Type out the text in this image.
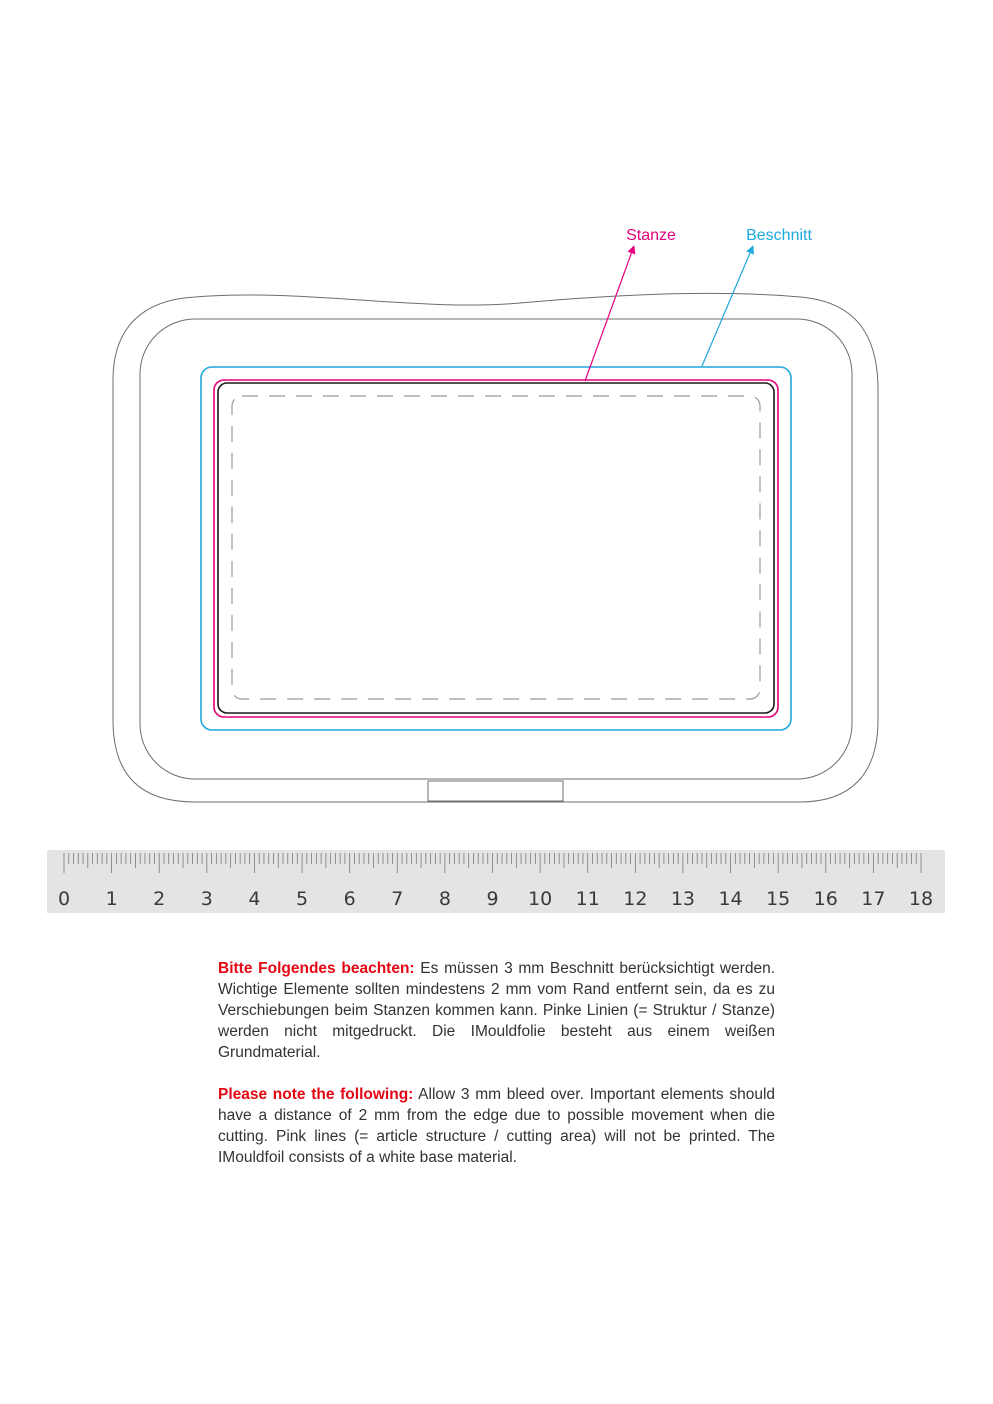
Stanze	Beschnitt
0 1 2 3 4 5 6 7 8 9 10 11 12 13 14 15 16 17 18

Bitte Folgendes beachten: Es müssen 3 mm Beschnitt berücksichtigt werden. Wichtige Elemente sollten mindestens 2 mm vom Rand entfernt sein, da es zu Verschiebungen beim Stanzen kommen kann. Pinke Linien (= Struktur / Stanze) werden nicht mitgedruckt. Die IMouldfolie besteht aus einem weißen Grundmaterial.

Please note the following: Allow 3 mm bleed over. Important elements should have a distance of 2 mm from the edge due to possible movement when die cutting. Pink lines (= article structure / cutting area) will not be printed. The IMouldfoil consists of a white base material.
